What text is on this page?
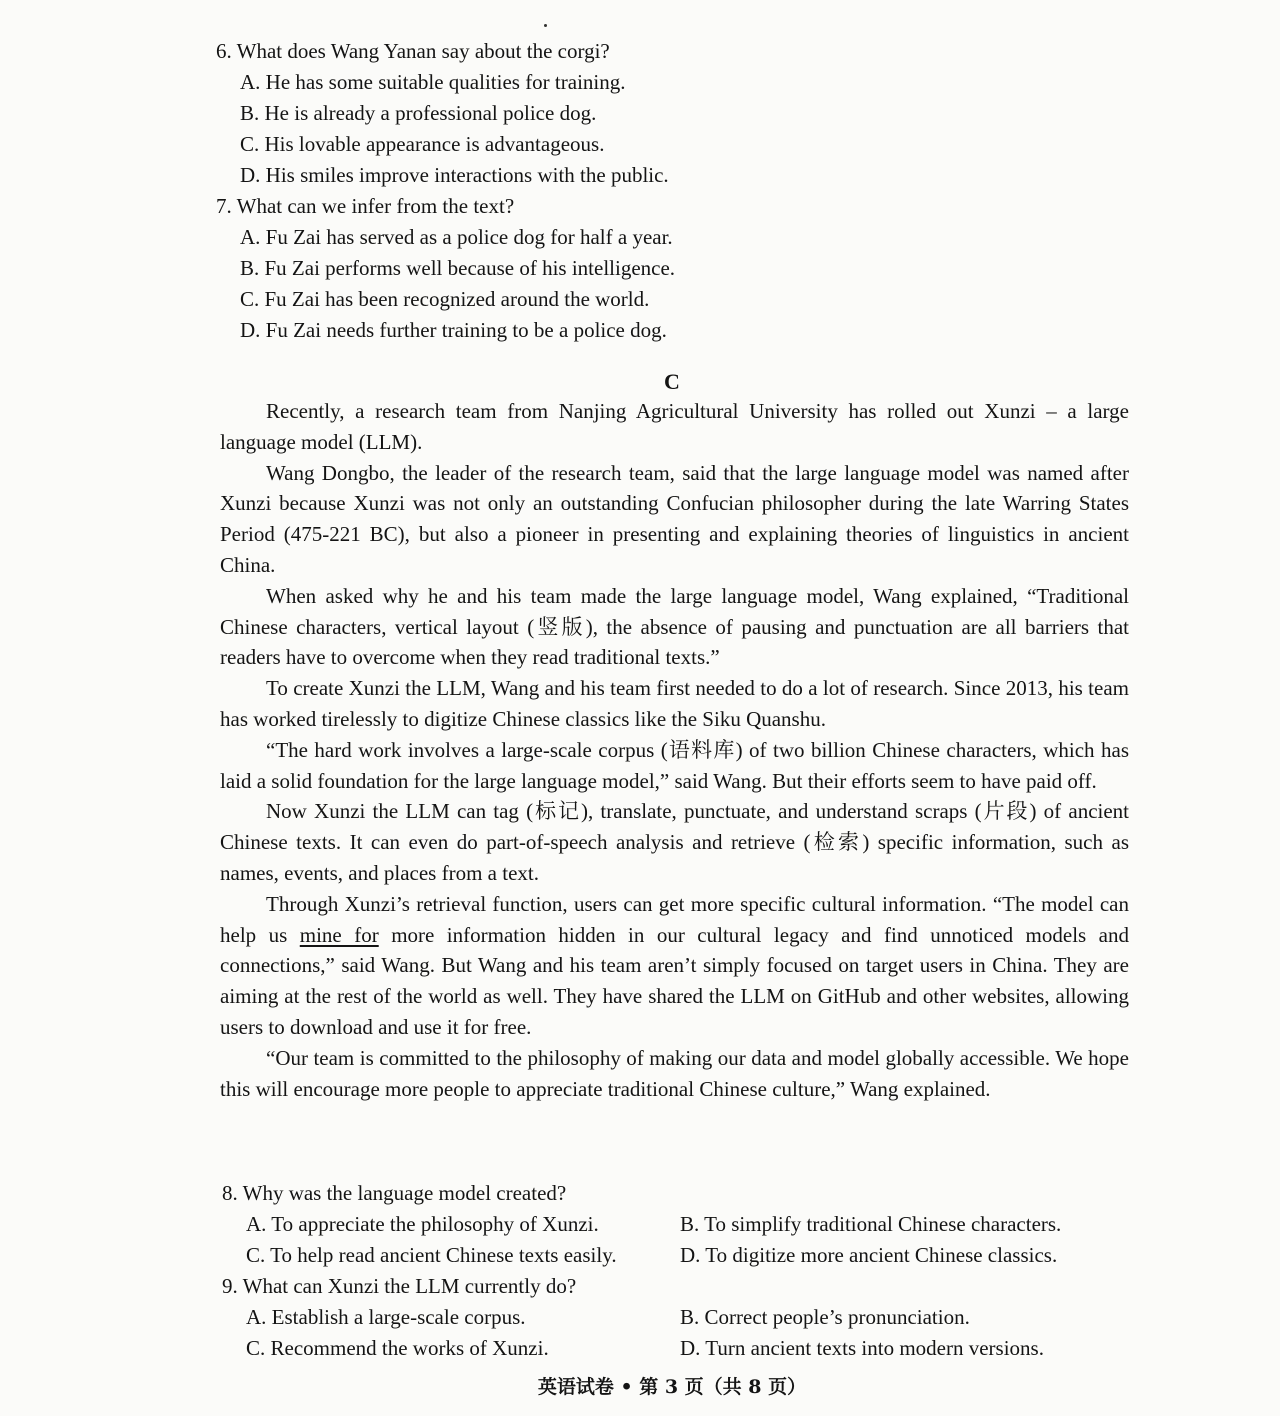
6. What does Wang Yanan say about the corgi?
A. He has some suitable qualities for training.
B. He is already a professional police dog.
C. His lovable appearance is advantageous.
D. His smiles improve interactions with the public.
7. What can we infer from the text?
A. Fu Zai has served as a police dog for half a year.
B. Fu Zai performs well because of his intelligence.
C. Fu Zai has been recognized around the world.
D. Fu Zai needs further training to be a police dog.
C

Recently, a research team from Nanjing Agricultural University has rolled out Xunzi – a large language model (LLM).

Wang Dongbo, the leader of the research team, said that the large language model was named after Xunzi because Xunzi was not only an outstanding Confucian philosopher during the late Warring States Period (475-221 BC), but also a pioneer in presenting and explaining theories of linguistics in ancient China.

When asked why he and his team made the large language model, Wang explained, “Traditional Chinese characters, vertical layout (竖版), the absence of pausing and punctuation are all barriers that readers have to overcome when they read traditional texts.”

To create Xunzi the LLM, Wang and his team first needed to do a lot of research. Since 2013, his team has worked tirelessly to digitize Chinese classics like the Siku Quanshu.

“The hard work involves a large-scale corpus (语料库) of two billion Chinese characters, which has laid a solid foundation for the large language model,” said Wang. But their efforts seem to have paid off.

Now Xunzi the LLM can tag (标记), translate, punctuate, and understand scraps (片段) of ancient Chinese texts. It can even do part-of-speech analysis and retrieve (检索) specific information, such as names, events, and places from a text.

Through Xunzi’s retrieval function, users can get more specific cultural information. “The model can help us mine for more information hidden in our cultural legacy and find unnoticed models and connections,” said Wang. But Wang and his team aren’t simply focused on target users in China. They are aiming at the rest of the world as well. They have shared the LLM on GitHub and other websites, allowing users to download and use it for free.

“Our team is committed to the philosophy of making our data and model globally accessible. We hope this will encourage more people to appreciate traditional Chinese culture,” Wang explained.

8. Why was the language model created?
A. To appreciate the philosophy of Xunzi.	B. To simplify traditional Chinese characters.
C. To help read ancient Chinese texts easily.	D. To digitize more ancient Chinese classics.
9. What can Xunzi the LLM currently do?
A. Establish a large-scale corpus.	B. Correct people’s pronunciation.
C. Recommend the works of Xunzi.	D. Turn ancient texts into modern versions.
英语试卷 • 第 3 页（共 8 页）
